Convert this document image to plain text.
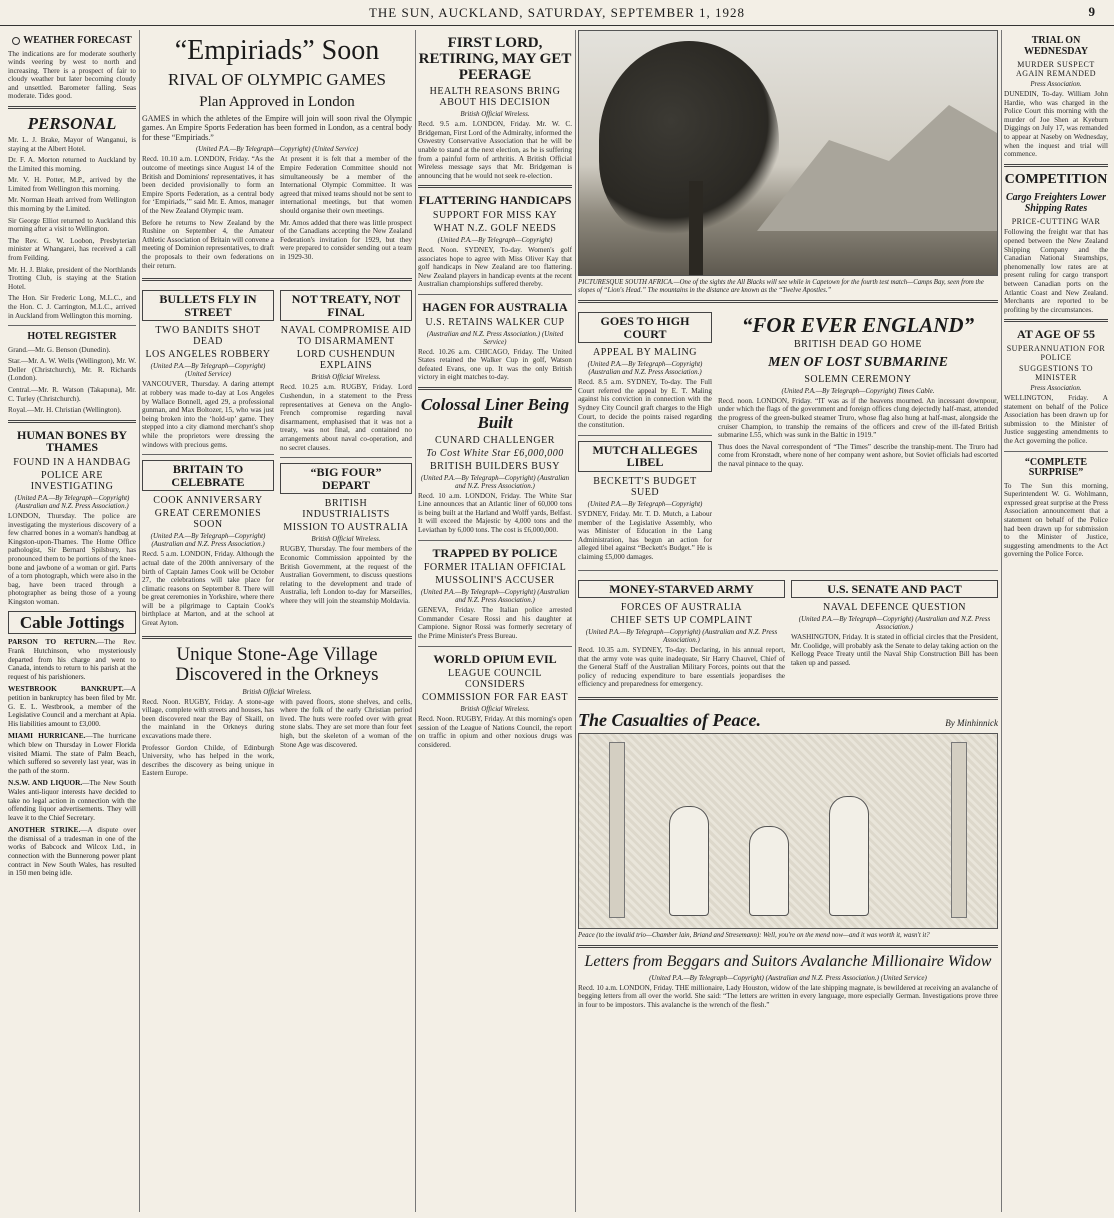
THE SUN, AUCKLAND, SATURDAY, SEPTEMBER 1, 1928	9
WEATHER FORECAST
The indications are for moderate southerly winds veering by west to north and increasing. There is a prospect of fair to cloudy weather but later becoming cloudy and unsettled. Barometer falling. Seas moderate. Tides good.
PERSONAL
Mr. L. J. Brake, Mayor of Wanganui, is staying at the Albert Hotel.
Dr. F. A. Morton returned to Auckland by the Limited this morning.
Mr. V. H. Potter, M.P., arrived by the Limited from Wellington this morning.
Mr. Norman Heath arrived from Wellington this morning by the Limited.
Sir George Elliot returned to Auckland this morning after a visit to Wellington.
The Rev. G. W. Loobon, Presbyterian minister at Whangarei, has received a call from Feilding.
Mr. H. J. Blake, president of the Northlands Trotting Club, is staying at the Station Hotel.
The Hon. Sir Frederic Long, M.L.C., and the Hon. C. J. Carrington, M.L.C., arrived in Auckland from Wellington this morning.
HOTEL REGISTER
Grand.—Mr. G. Benson (Dunedin).
Star.—Mr. A. W. Wells (Wellington), Mr. W. Deller (Christchurch), Mr. R. Richards (London).
Central.—Mr. R. Watson (Takapuna), Mr. C. Turley (Christchurch).
Royal.—Mr. H. Christian (Wellington).
HUMAN BONES BY THAMES
FOUND IN A HANDBAG
POLICE ARE INVESTIGATING
(United P.A.—By Telegraph—Copyright) (Australian and N.Z. Press Association.)
LONDON, Thursday. The police are investigating the mysterious discovery of a few charred bones in a woman's handbag at Kingston-upon-Thames. The Home Office pathologist, Sir Bernard Spilsbury, has pronounced them to be portions of the knee-bone and jawbone of a woman or girl. Parts of a torn photograph, which were also in the bag, have been traced through a photographer as being those of a young Kingston woman.
Cable Jottings
PARSON TO RETURN.—The Rev. Frank Hutchinson, who mysteriously departed from his charge and went to Canada, intends to return to his parish at the request of his parishioners.
WESTBROOK BANKRUPT.—A petition in bankruptcy has been filed by Mr. G. E. L. Westbrook, a member of the Legislative Council and a merchant at Apia. His liabilities amount to £3,000.
MIAMI HURRICANE.—The hurricane which blew on Thursday in Lower Florida visited Miami. The state of Palm Beach, which suffered so severely last year, was in the path of the storm.
N.S.W. AND LIQUOR.—The New South Wales anti-liquor interests have decided to take no legal action in connection with the offending liquor advertisements. They will leave it to the Chief Secretary.
ANOTHER STRIKE.—A dispute over the dismissal of a tradesman in one of the works of Babcock and Wilcox Ltd., in connection with the Bunnerong power plant contract in New South Wales, has resulted in 150 men being idle.
“Empiriads” Soon
RIVAL OF OLYMPIC GAMES
Plan Approved in London
GAMES in which the athletes of the Empire will join will soon rival the Olympic games. An Empire Sports Federation has been formed in London, as a central body for these “Empiriads.”
(United P.A.—By Telegraph—Copyright) (United Service)
Recd. 10.10 a.m. LONDON, Friday. “As the outcome of meetings since August 14 of the British and Dominions' representatives, it has been decided provisionally to form an Empire Sports Federation, as a central body for ‘Empiriads,’” said Mr. E. Amos, manager of the New Zealand Olympic team.
Before he returns to New Zealand by the Rushine on September 4, the Amateur Athletic Association of Britain will convene a meeting of Dominion representatives, to draft the proposals to their own federations on their return.
At present it is felt that a member of the Empire Federation Committee should not simultaneously be a member of the International Olympic Committee. It was agreed that mixed teams should not be sent to international meetings, but that women should organise their own meetings.
Mr. Amos added that there was little prospect of the Canadians accepting the New Zealand Federation's invitation for 1929, but they were prepared to consider sending out a team in 1929-30.
BULLETS FLY IN STREET
TWO BANDITS SHOT DEAD
LOS ANGELES ROBBERY
(United P.A.—By Telegraph—Copyright) (United Service)
VANCOUVER, Thursday. A daring attempt at robbery was made to-day at Los Angeles by Wallace Bonnell, aged 29, a professional gunman, and Max Boltozer, 15, who was just being broken into the ‘hold-up’ game. They stepped into a city diamond merchant's shop while the proprietors were dressing the windows with precious gems.
BRITAIN TO CELEBRATE
COOK ANNIVERSARY
GREAT CEREMONIES SOON
(United P.A.—By Telegraph—Copyright) (Australian and N.Z. Press Association.)
Recd. 5 a.m. LONDON, Friday. Although the actual date of the 200th anniversary of the birth of Captain James Cook will be October 27, the celebrations will take place for climatic reasons on September 8. There will be great ceremonies in Yorkshire, where there will be a pilgrimage to Captain Cook's birthplace at Marton, and at the school at Great Ayton.
NOT TREATY, NOT FINAL
NAVAL COMPROMISE AID TO DISARMAMENT
LORD CUSHENDUN EXPLAINS
British Official Wireless.
Recd. 10.25 a.m. RUGBY, Friday. Lord Cushendun, in a statement to the Press representatives at Geneva on the Anglo-French compromise regarding naval disarmament, emphasised that it was not a treaty, was not final, and contained no arrangements about naval co-operation, and no secret clauses.
“BIG FOUR” DEPART
BRITISH INDUSTRIALISTS
MISSION TO AUSTRALIA
British Official Wireless.
RUGBY, Thursday. The four members of the Economic Commission appointed by the British Government, at the request of the Australian Government, to discuss questions relating to the development and trade of Australia, left London to-day for Marseilles, where they will join the steamship Moldavia.
Unique Stone-Age Village Discovered in the Orkneys
British Official Wireless.
Recd. Noon. RUGBY, Friday. A stone-age village, complete with streets and houses, has been discovered near the Bay of Skaill, on the mainland in the Orkneys during excavations made there.
Professor Gordon Childe, of Edinburgh University, who has helped in the work, describes the discovery as being unique in Eastern Europe.
with paved floors, stone shelves, and cells, where the folk of the early Christian period lived. The huts were roofed over with great stone slabs. They are set more than four feet high, but the skeleton of a woman of the Stone Age was discovered.
FIRST LORD, RETIRING, MAY GET PEERAGE
HEALTH REASONS BRING ABOUT HIS DECISION
British Official Wireless.
Recd. 9.5 a.m. LONDON, Friday. Mr. W. C. Bridgeman, First Lord of the Admiralty, informed the Oswestry Conservative Association that he will be unable to stand at the next election, as he is suffering from a painful form of arthritis. A British Official Wireless message says that Mr. Bridgeman is announcing that he would not seek re-election.
FLATTERING HANDICAPS
SUPPORT FOR MISS KAY
WHAT N.Z. GOLF NEEDS
(United P.A.—By Telegraph—Copyright)
Recd. Noon. SYDNEY, To-day. Women's golf associates hope to agree with Miss Oliver Kay that golf handicaps in New Zealand are too flattering. New Zealand players in handicap events at the recent Australian championships suffered thereby.
HAGEN FOR AUSTRALIA
U.S. RETAINS WALKER CUP
(Australian and N.Z. Press Association.) (United Service)
Recd. 10.26 a.m. CHICAGO, Friday. The United States retained the Walker Cup in golf, Watson defeated Evans, one up. It was the only British victory in eight matches to-day.
Colossal Liner Being Built
CUNARD CHALLENGER
To Cost White Star £6,000,000
BRITISH BUILDERS BUSY
(United P.A.—By Telegraph—Copyright) (Australian and N.Z. Press Association.)
Recd. 10 a.m. LONDON, Friday. The White Star Line announces that an Atlantic liner of 60,000 tons is being built at the Harland and Wolff yards, Belfast. It will exceed the Majestic by 4,000 tons and the Leviathan by 6,000 tons. The cost is £6,000,000.
TRAPPED BY POLICE
FORMER ITALIAN OFFICIAL
MUSSOLINI'S ACCUSER
(United P.A.—By Telegraph—Copyright) (Australian and N.Z. Press Association.)
GENEVA, Friday. The Italian police arrested Commander Cesare Rossi and his daughter at Campione. Signor Rossi was formerly secretary of the Prime Minister's Press Bureau.
WORLD OPIUM EVIL
LEAGUE COUNCIL CONSIDERS
COMMISSION FOR FAR EAST
British Official Wireless.
Recd. Noon. RUGBY, Friday. At this morning's open session of the League of Nations Council, the report on traffic in opium and other noxious drugs was considered.
PICTURESQUE SOUTH AFRICA.—One of the sights the All Blacks will see while in Capetown for the fourth test match—Camps Bay, seen from the slopes of “Lion's Head.” The mountains in the distance are known as the “Twelve Apostles.”
GOES TO HIGH COURT
APPEAL BY MALING
(United P.A.—By Telegraph—Copyright) (Australian and N.Z. Press Association.)
Recd. 8.5 a.m. SYDNEY, To-day. The Full Court referred the appeal by E. T. Maling against his conviction in connection with the Sydney City Council graft charges to the High Court, to decide the points raised regarding the constitution.
MUTCH ALLEGES LIBEL
BECKETT'S BUDGET SUED
(United P.A.—By Telegraph—Copyright)
SYDNEY, Friday. Mr. T. D. Mutch, a Labour member of the Legislative Assembly, who was Minister of Education in the Lang Administration, has begun an action for alleged libel against “Beckett's Budget.” He is claiming £5,000 damages.
“FOR EVER ENGLAND”
BRITISH DEAD GO HOME
MEN OF LOST SUBMARINE
SOLEMN CEREMONY
(United P.A.—By Telegraph—Copyright) Times Cable.
Recd. noon. LONDON, Friday. “IT was as if the heavens mourned. An incessant downpour, under which the flags of the government and foreign offices clung dejectedly half-mast, attended the progress of the green-bulked steamer Truro, whose flag also hung at half-mast, alongside the cruiser Champion, to tranship the remains of the officers and crew of the ill-fated British submarine L55, which was sunk in the Baltic in 1919.”
Thus does the Naval correspondent of “The Times” describe the tranship-ment. The Truro had come from Kronstadt, where none of her company went ashore, but Soviet officials had escorted the naval pinnace to the quay.
MONEY-STARVED ARMY
FORCES OF AUSTRALIA
CHIEF SETS UP COMPLAINT
(United P.A.—By Telegraph—Copyright) (Australian and N.Z. Press Association.)
Recd. 10.35 a.m. SYDNEY, To-day. Declaring, in his annual report, that the army vote was quite inadequate, Sir Harry Chauvel, Chief of the General Staff of the Australian Military Forces, points out that the policy of reducing expenditure to bare essentials jeopardises the efficiency and preparedness for emergency.
U.S. SENATE AND PACT
NAVAL DEFENCE QUESTION
(United P.A.—By Telegraph—Copyright) (Australian and N.Z. Press Association.)
WASHINGTON, Friday. It is stated in official circles that the President, Mr. Coolidge, will probably ask the Senate to delay taking action on the Kellogg Peace Treaty until the Naval Ship Construction Bill has been taken up and passed.
The Casualties of Peace.	By Minhinnick
Peace (to the invalid trio—Chamber lain, Briand and Stresemann): Well, you're on the mend now—and it was worth it, wasn't it?
Letters from Beggars and Suitors Avalanche Millionaire Widow
(United P.A.—By Telegraph—Copyright) (Australian and N.Z. Press Association.) (United Service)
Recd. 10 a.m. LONDON, Friday. THE millionaire, Lady Houston, widow of the late shipping magnate, is bewildered at receiving an avalanche of begging letters from all over the world. She said: “The letters are written in every language, more especially German. Investigations prove three in four to be impostors. This avalanche is the wrench of the flesh.”
TRIAL ON WEDNESDAY
MURDER SUSPECT AGAIN REMANDED
Press Association.
DUNEDIN, To-day. William John Hardie, who was charged in the Police Court this morning with the murder of Joe Shen at Kyeburn Diggings on July 17, was remanded to appear at Naseby on Wednesday, when the inquest and trial will commence.
COMPETITION
Cargo Freighters Lower Shipping Rates
PRICE-CUTTING WAR
Following the freight war that has opened between the New Zealand Shipping Company and the Canadian National Steamships, phenomenally low rates are at present ruling for cargo transport between Canadian ports on the Atlantic Coast and New Zealand. Merchants are reported to be profiting by the circumstances.
AT AGE OF 55
SUPERANNUATION FOR POLICE
SUGGESTIONS TO MINISTER
Press Association.
WELLINGTON, Friday. A statement on behalf of the Police Association has been drawn up for submission to the Minister of Justice suggesting amendments to the Act governing the police.
“COMPLETE SURPRISE”
To The Sun this morning, Superintendent W. G. Wohlmann, expressed great surprise at the Press Association announcement that a statement on behalf of the Police had been drawn up for submission to the Minister of Justice, suggesting amendments to the Act governing the Police Force.
